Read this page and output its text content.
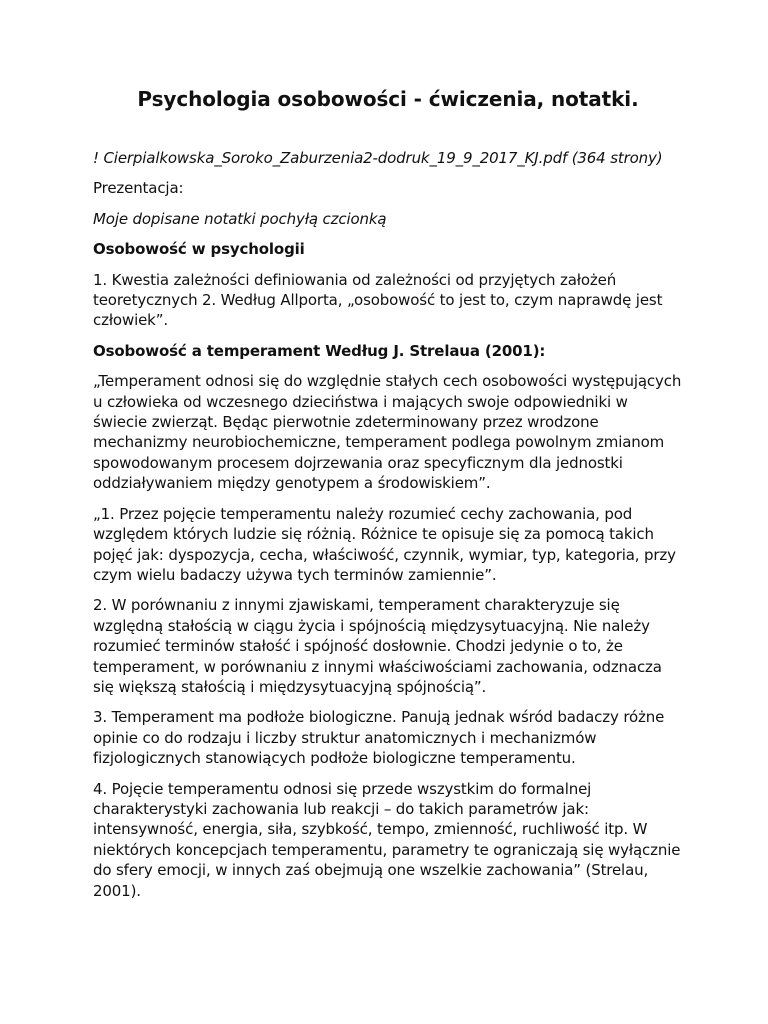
Psychologia osobowości - ćwiczenia, notatki.

! Cierpialkowska_Soroko_Zaburzenia2-dodruk_19_9_2017_KJ.pdf (364 strony)

Prezentacja:

Moje dopisane notatki pochyłą czcionką

Osobowość w psychologii

1. Kwestia zależności definiowania od zależności od przyjętych założeń teoretycznych 2. Według Allporta, „osobowość to jest to, czym naprawdę jest człowiek”.

Osobowość a temperament Według J. Strelaua (2001):

„Temperament odnosi się do względnie stałych cech osobowości występujących u człowieka od wczesnego dzieciństwa i mających swoje odpowiedniki w świecie zwierząt. Będąc pierwotnie zdeterminowany przez wrodzone mechanizmy neurobiochemiczne, temperament podlega powolnym zmianom spowodowanym procesem dojrzewania oraz specyficznym dla jednostki oddziaływaniem między genotypem a środowiskiem”.

„1. Przez pojęcie temperamentu należy rozumieć cechy zachowania, pod względem których ludzie się różnią. Różnice te opisuje się za pomocą takich pojęć jak: dyspozycja, cecha, właściwość, czynnik, wymiar, typ, kategoria, przy czym wielu badaczy używa tych terminów zamiennie”.

2. W porównaniu z innymi zjawiskami, temperament charakteryzuje się względną stałością w ciągu życia i spójnością międzysytuacyjną. Nie należy rozumieć terminów stałość i spójność dosłownie. Chodzi jedynie o to, że temperament, w porównaniu z innymi właściwościami zachowania, odznacza się większą stałością i międzysytuacyjną spójnością”.

3. Temperament ma podłoże biologiczne. Panują jednak wśród badaczy różne opinie co do rodzaju i liczby struktur anatomicznych i mechanizmów fizjologicznych stanowiących podłoże biologiczne temperamentu.

4. Pojęcie temperamentu odnosi się przede wszystkim do formalnej charakterystyki zachowania lub reakcji – do takich parametrów jak: intensywność, energia, siła, szybkość, tempo, zmienność, ruchliwość itp. W niektórych koncepcjach temperamentu, parametry te ograniczają się wyłącznie do sfery emocji, w innych zaś obejmują one wszelkie zachowania” (Strelau, 2001).
